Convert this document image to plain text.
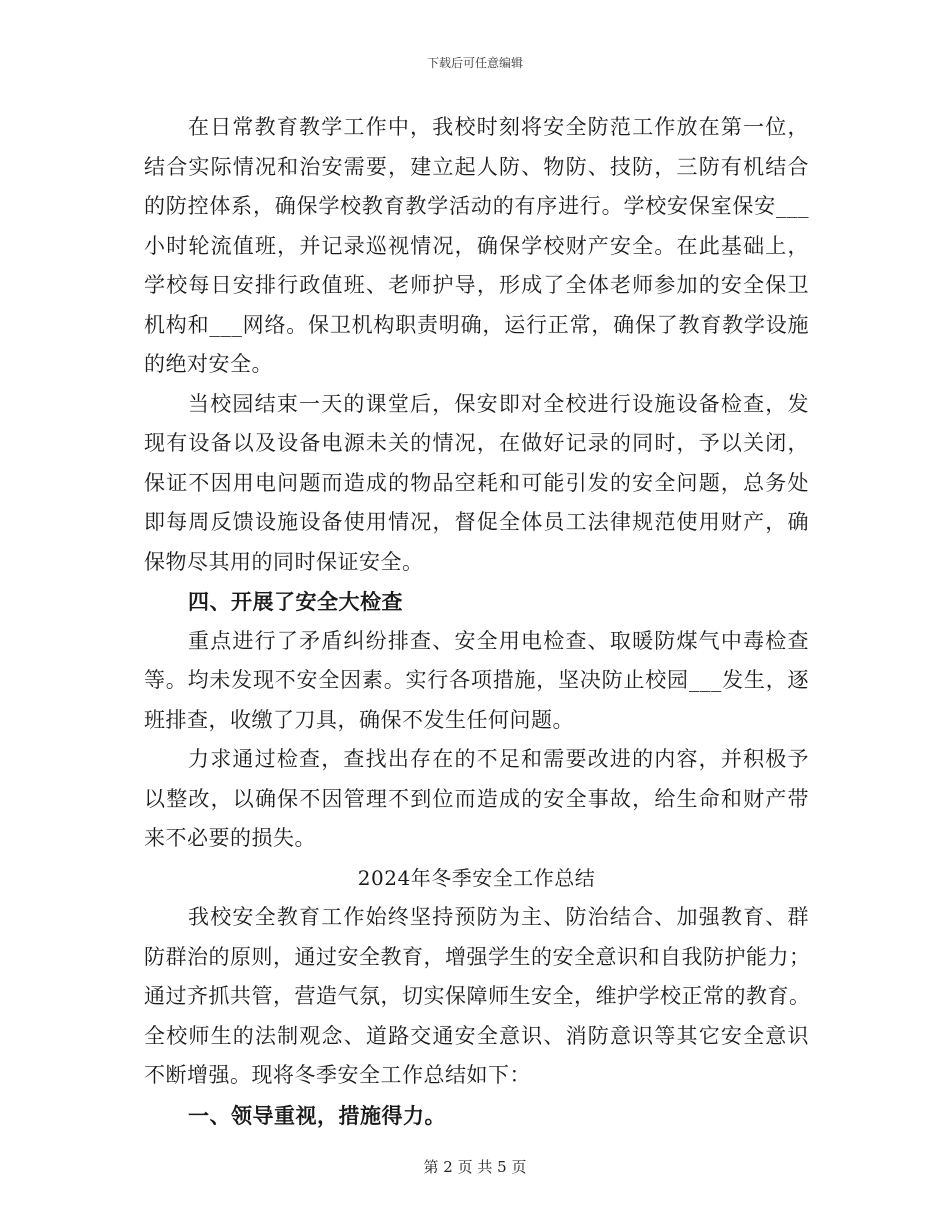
下载后可任意编辑
在日常教育教学工作中，我校时刻将安全防范工作放在第一位，
结合实际情况和治安需要，建立起人防、物防、技防，三防有机结合
的防控体系，确保学校教育教学活动的有序进行。学校安保室保安___
小时轮流值班，并记录巡视情况，确保学校财产安全。在此基础上，
学校每日安排行政值班、老师护导，形成了全体老师参加的安全保卫
机构和___网络。保卫机构职责明确，运行正常，确保了教育教学设施
的绝对安全。
当校园结束一天的课堂后，保安即对全校进行设施设备检查，发
现有设备以及设备电源未关的情况，在做好记录的同时，予以关闭，
保证不因用电问题而造成的物品空耗和可能引发的安全问题，总务处
即每周反馈设施设备使用情况，督促全体员工法律规范使用财产，确
保物尽其用的同时保证安全。
四、开展了安全大检查
重点进行了矛盾纠纷排查、安全用电检查、取暖防煤气中毒检查
等。均未发现不安全因素。实行各项措施，坚决防止校园___发生，逐
班排查，收缴了刀具，确保不发生任何问题。
力求通过检查，查找出存在的不足和需要改进的内容，并积极予
以整改，以确保不因管理不到位而造成的安全事故，给生命和财产带
来不必要的损失。
2024年冬季安全工作总结
我校安全教育工作始终坚持预防为主、防治结合、加强教育、群
防群治的原则，通过安全教育，增强学生的安全意识和自我防护能力；
通过齐抓共管，营造气氛，切实保障师生安全，维护学校正常的教育。
全校师生的法制观念、道路交通安全意识、消防意识等其它安全意识
不断增强。现将冬季安全工作总结如下：
一、领导重视，措施得力。
第 2 页 共 5 页
